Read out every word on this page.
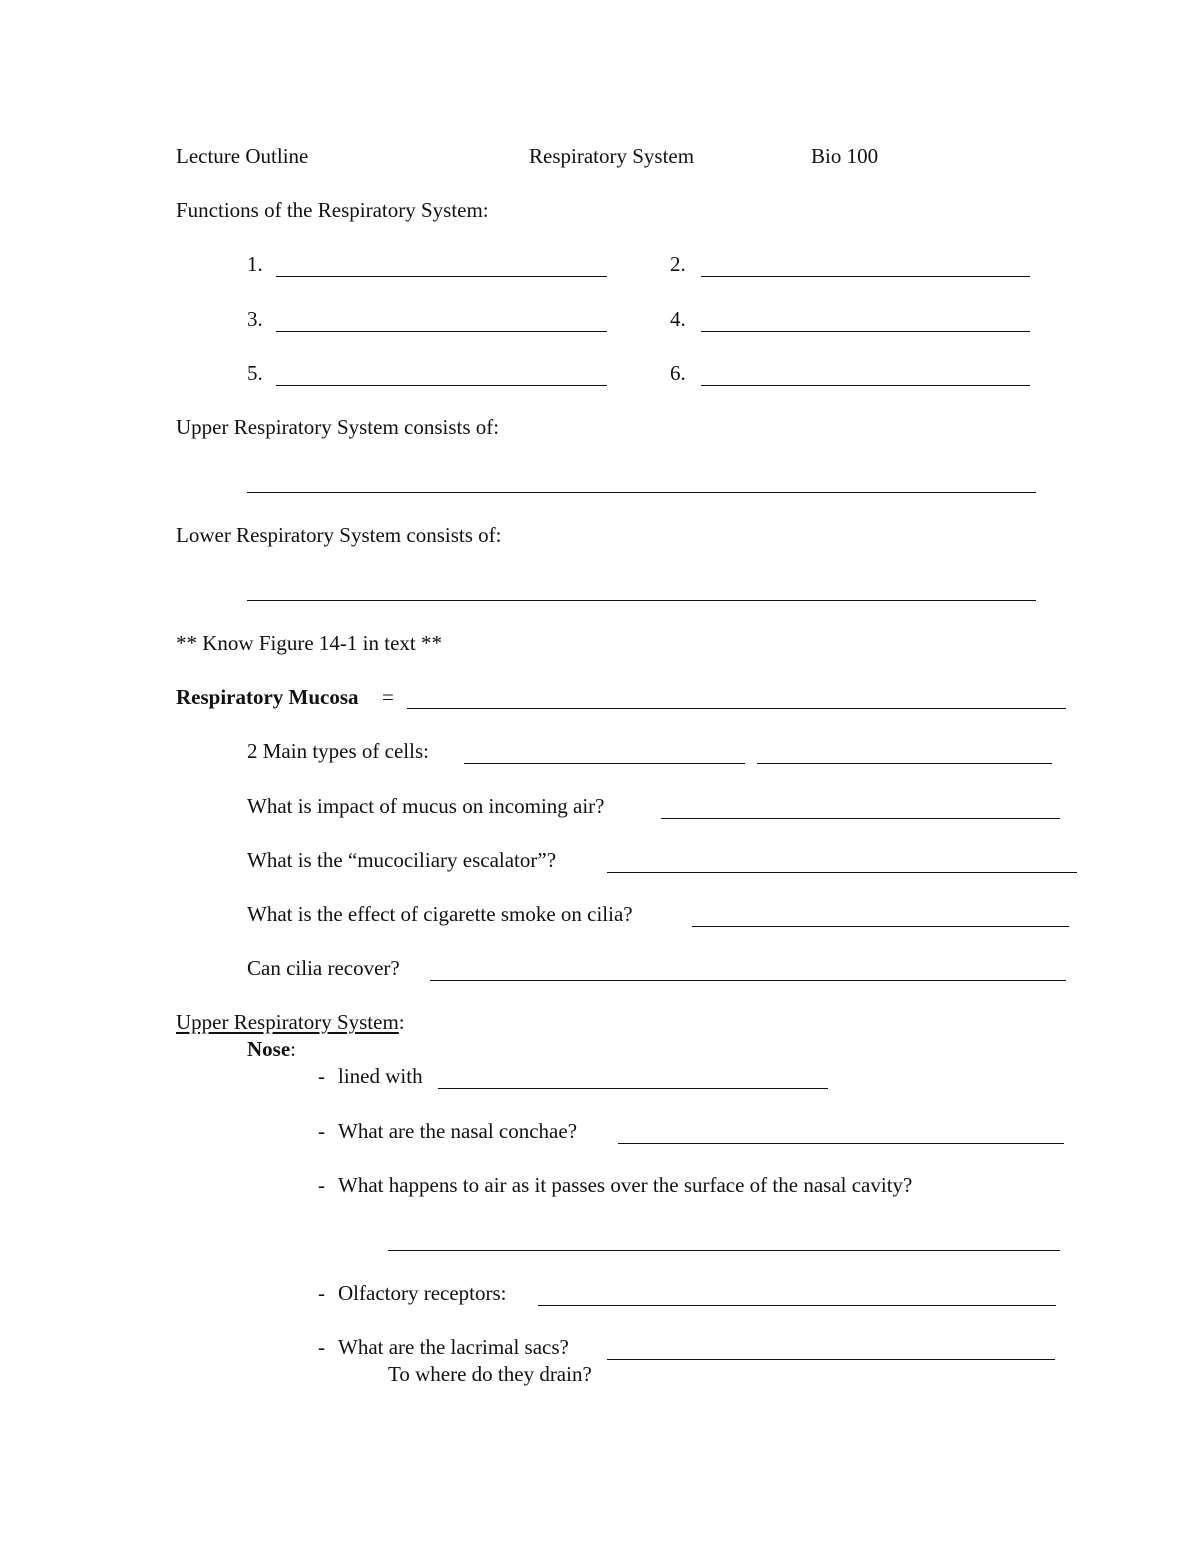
Lecture Outline	Respiratory System	Bio 100
Functions of the Respiratory System:
1.	2.
3.	4.
5.	6.
Upper Respiratory System consists of:
Lower Respiratory System consists of:
** Know Figure 14-1 in text **
Respiratory Mucosa =
2 Main types of cells:
What is impact of mucus on incoming air?
What is the “mucociliary escalator”?
What is the effect of cigarette smoke on cilia?
Can cilia recover?
Upper Respiratory System:
Nose:
- lined with
- What are the nasal conchae?
- What happens to air as it passes over the surface of the nasal cavity?
- Olfactory receptors:
- What are the lacrimal sacs?
To where do they drain?
